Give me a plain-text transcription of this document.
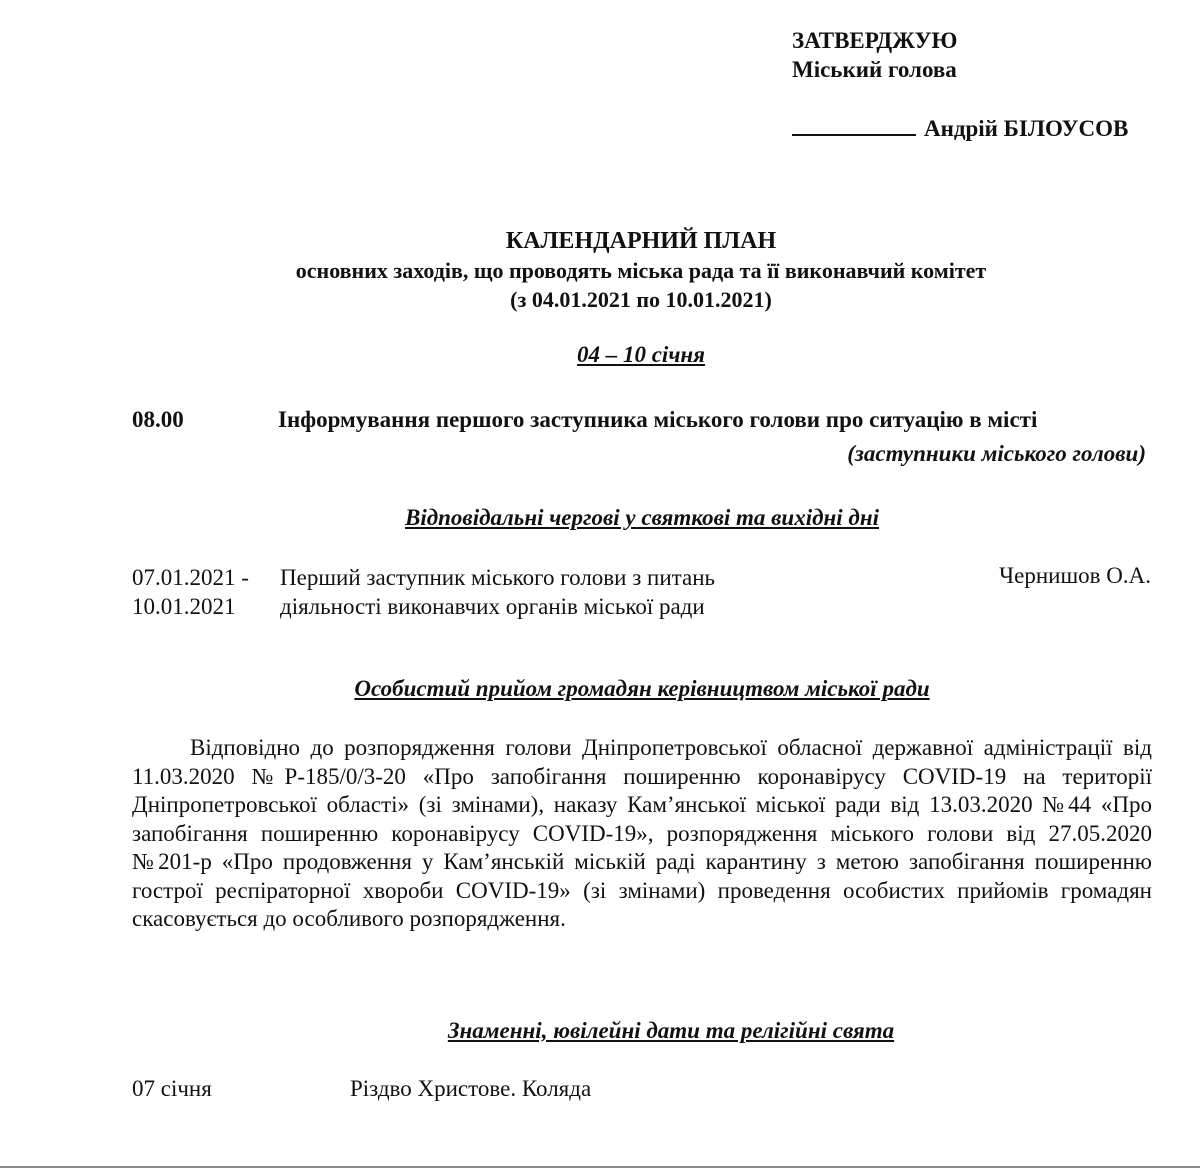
ЗАТВЕРДЖУЮ
Міський голова
Андрій БІЛОУСОВ
КАЛЕНДАРНИЙ ПЛАН
основних заходів, що проводять міська рада та її виконавчий комітет
(з 04.01.2021 по 10.01.2021)
04 – 10 січня
08.00	Інформування першого заступника міського голови про ситуацію в місті
(заступники міського голови)
Відповідальні чергові у святкові та вихідні дні
07.01.2021 -
10.01.2021
Перший заступник міського голови з питань
діяльності виконавчих органів міської ради
Чернишов О.А.
Особистий прийом громадян керівництвом міської ради
Відповідно до розпорядження голови Дніпропетровської обласної державної адміністрації від 11.03.2020 №Р-185/0/3-20 «Про запобігання поширенню коронавірусу COVID-19 на території Дніпропетровської області» (зі змінами), наказу Кам’янської міської ради від 13.03.2020 №44 «Про запобігання поширенню коронавірусу COVID-19», розпорядження міського голови від 27.05.2020 №201-р «Про продовження у Кам’янській міській раді карантину з метою запобігання поширенню гострої респіраторної хвороби COVID-19» (зі змінами) проведення особистих прийомів громадян скасовується до особливого розпорядження.
Знаменні, ювілейні дати та релігійні свята
07 січня	Різдво Христове. Коляда
